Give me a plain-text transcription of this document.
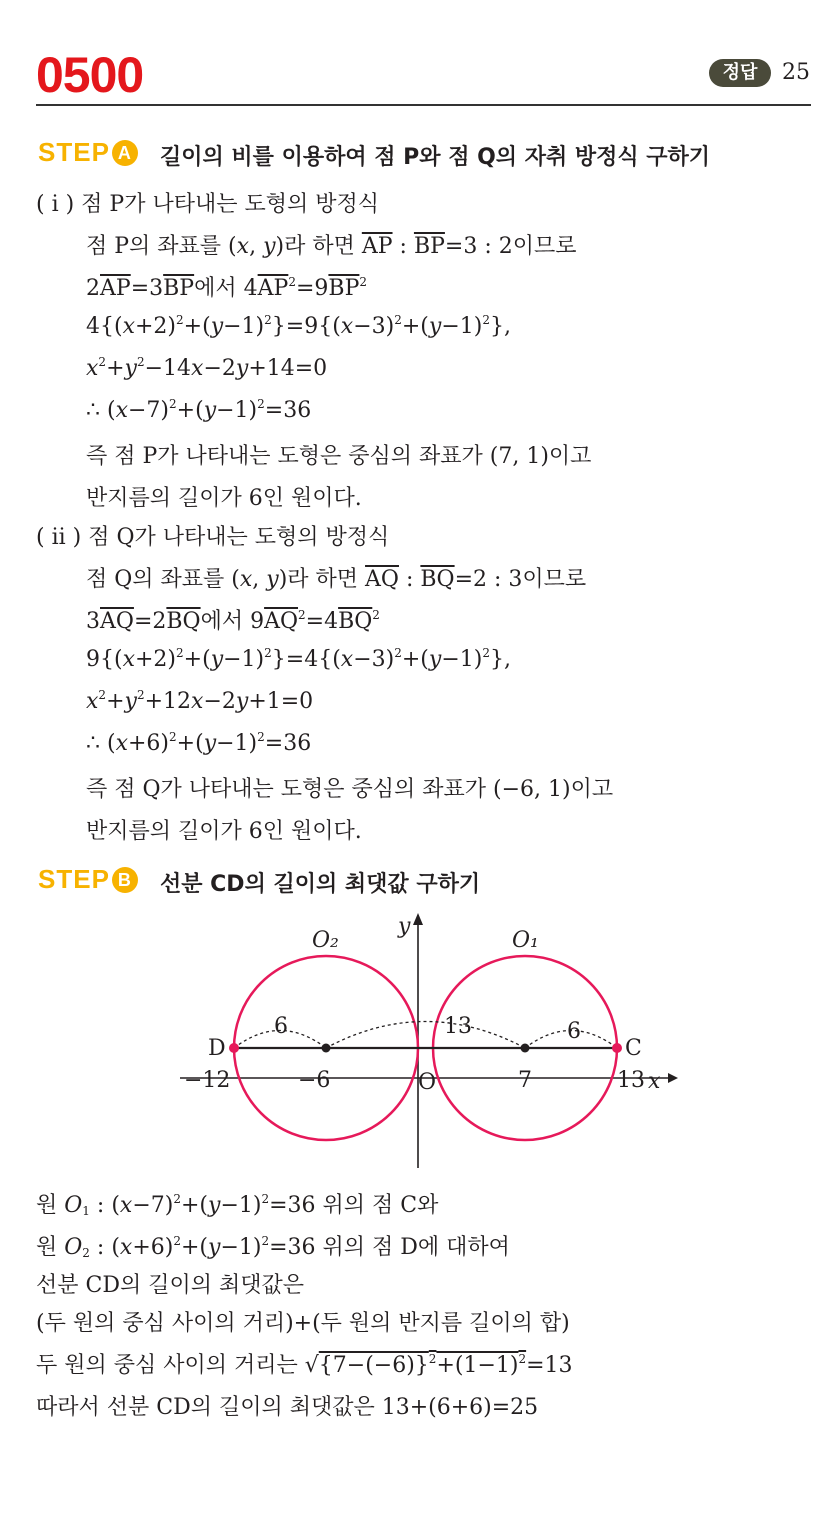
0500	정답	25
STEP A 길이의 비를 이용하여 점 P와 점 Q의 자취 방정식 구하기
( i ) 점 P가 나타내는 도형의 방정식
점 P의 좌표를 (x, y)라 하면 $\overline{AP}$ : $\overline{BP}=3$ : 2이므로
$2\overline{AP}=3\overline{BP}$에서 $4\overline{AP}^2=9\overline{BP}^2$
$4\{(x+2)^2+(y-1)^2\}=9\{(x-3)^2+(y-1)^2\}$,
$x^2+y^2-14x-2y+14=0$
∴ $(x-7)^2+(y-1)^2=36$
즉 점 P가 나타내는 도형은 중심의 좌표가 (7, 1)이고
반지름의 길이가 6인 원이다.
( ii ) 점 Q가 나타내는 도형의 방정식
점 Q의 좌표를 (x, y)라 하면 $\overline{AQ}$ : $\overline{BQ}=2$ : 3이므로
$3\overline{AQ}=2\overline{BQ}$에서 $9\overline{AQ}^2=4\overline{BQ}^2$
$9\{(x+2)^2+(y-1)^2\}=4\{(x-3)^2+(y-1)^2\}$,
$x^2+y^2+12x-2y+1=0$
∴ $(x+6)^2+(y-1)^2=36$
즉 점 Q가 나타내는 도형은 중심의 좌표가 (−6, 1)이고
반지름의 길이가 6인 원이다.
STEP B 선분 CD의 길이의 최댓값 구하기
O₂	O₁
y
x
D	C
−12	−6	O	7	13
6	13	6
원 $O_1$ : $(x-7)^2+(y-1)^2=36$ 위의 점 C와
원 $O_2$ : $(x+6)^2+(y-1)^2=36$ 위의 점 D에 대하여
선분 CD의 길이의 최댓값은
(두 원의 중심 사이의 거리)+(두 원의 반지름 길이의 합)
두 원의 중심 사이의 거리는 $√\{7-(-6)\}^2+(1-1)^2=13$
따라서 선분 CD의 길이의 최댓값은 13+(6+6)=25
